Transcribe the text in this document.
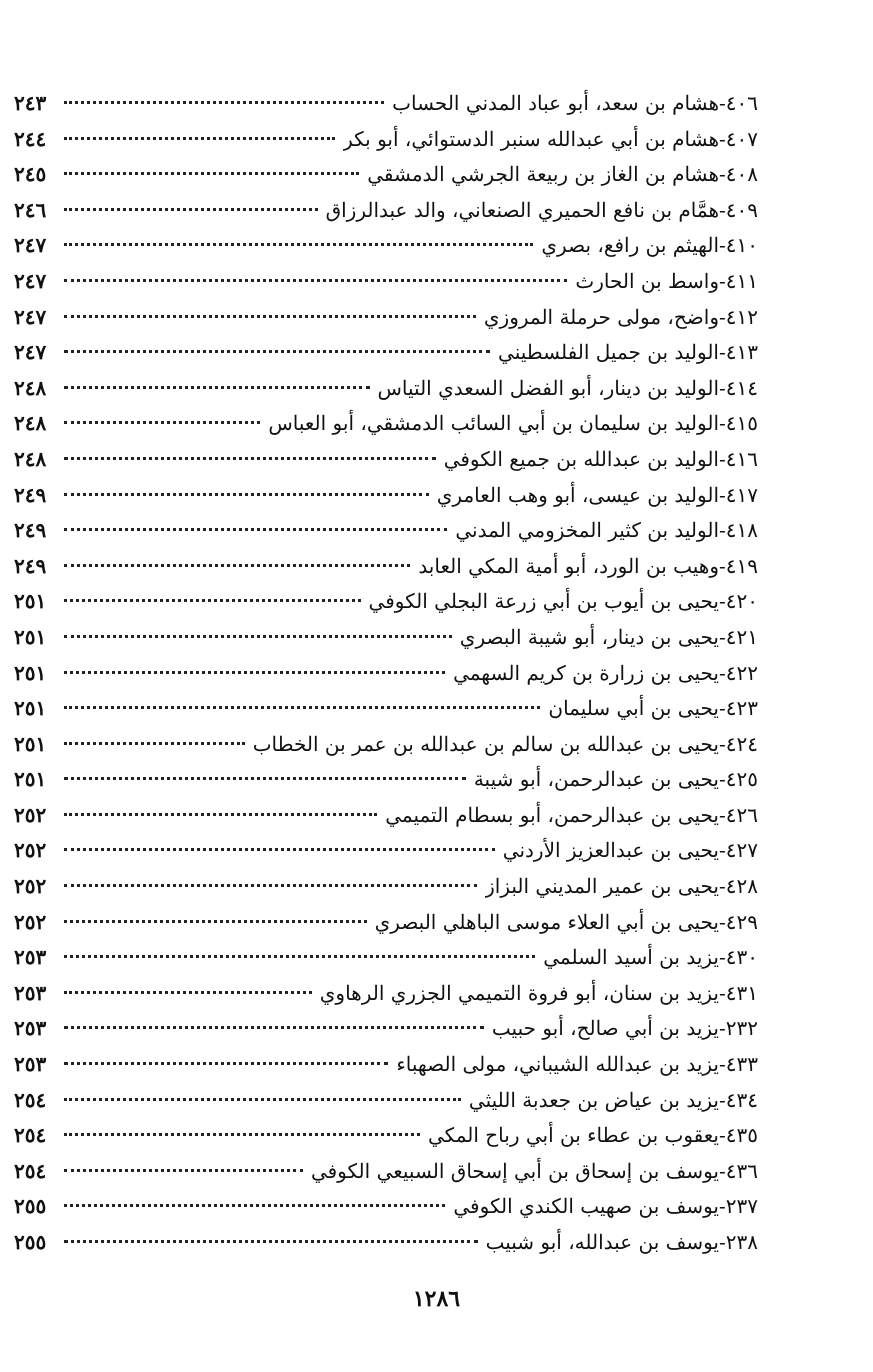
٤٠٦-
هشام بن سعد، أبو عباد المدني الحساب
٢٤٣
٤٠٧-
هشام بن أبي عبدالله سنبر الدستوائي، أبو بكر
٢٤٤
٤٠٨-
هشام بن الغاز بن ربيعة الجرشي الدمشقي
٢٤٥
٤٠٩-
همَّام بن نافع الحميري الصنعاني، والد عبدالرزاق
٢٤٦
٤١٠-
الهيثم بن رافع، بصري
٢٤٧
٤١١-
واسط بن الحارث
٢٤٧
٤١٢-
واضح، مولى حرملة المروزي
٢٤٧
٤١٣-
الوليد بن جميل الفلسطيني
٢٤٧
٤١٤-
الوليد بن دينار، أبو الفضل السعدي التياس
٢٤٨
٤١٥-
الوليد بن سليمان بن أبي السائب الدمشقي، أبو العباس
٢٤٨
٤١٦-
الوليد بن عبدالله بن جميع الكوفي
٢٤٨
٤١٧-
الوليد بن عيسى، أبو وهب العامري
٢٤٩
٤١٨-
الوليد بن كثير المخزومي المدني
٢٤٩
٤١٩-
وهيب بن الورد، أبو أمية المكي العابد
٢٤٩
٤٢٠-
يحيى بن أيوب بن أبي زرعة البجلي الكوفي
٢٥١
٤٢١-
يحيى بن دينار، أبو شيبة البصري
٢٥١
٤٢٢-
يحيى بن زرارة بن كريم السهمي
٢٥١
٤٢٣-
يحيى بن أبي سليمان
٢٥١
٤٢٤-
يحيى بن عبدالله بن سالم بن عبدالله بن عمر بن الخطاب
٢٥١
٤٢٥-
يحيى بن عبدالرحمن، أبو شيبة
٢٥١
٤٢٦-
يحيى بن عبدالرحمن، أبو بسطام التميمي
٢٥٢
٤٢٧-
يحيى بن عبدالعزيز الأردني
٢٥٢
٤٢٨-
يحيى بن عمير المديني البزاز
٢٥٢
٤٢٩-
يحيى بن أبي العلاء موسى الباهلي البصري
٢٥٢
٤٣٠-
يزيد بن أسيد السلمي
٢٥٣
٤٣١-
يزيد بن سنان، أبو فروة التميمي الجزري الرهاوي
٢٥٣
٢٣٢-
يزيد بن أبي صالح، أبو حبيب
٢٥٣
٤٣٣-
يزيد بن عبدالله الشيباني، مولى الصهباء
٢٥٣
٤٣٤-
يزيد بن عياض بن جعدبة الليثي
٢٥٤
٤٣٥-
يعقوب بن عطاء بن أبي رباح المكي
٢٥٤
٤٣٦-
يوسف بن إسحاق بن أبي إسحاق السبيعي الكوفي
٢٥٤
٢٣٧-
يوسف بن صهيب الكندي الكوفي
٢٥٥
٢٣٨-
يوسف بن عبدالله، أبو شبيب
٢٥٥
١٢٨٦
